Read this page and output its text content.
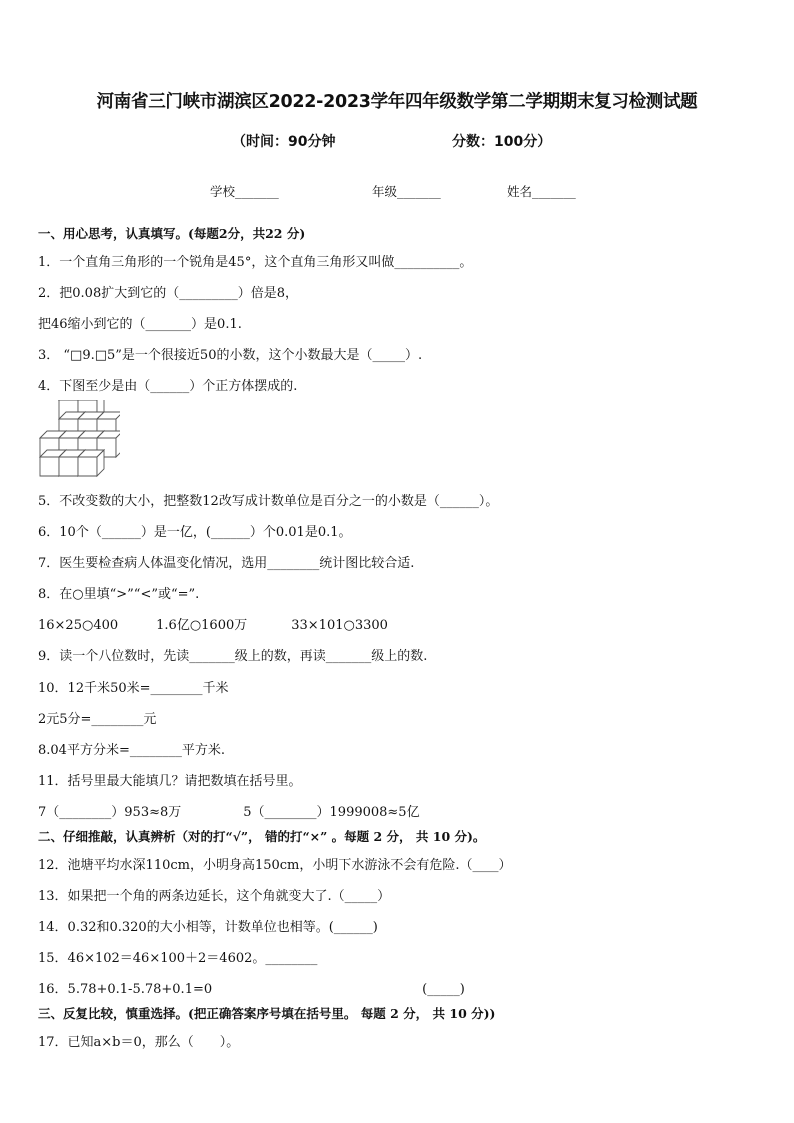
河南省三门峡市湖滨区2022-2023学年四年级数学第二学期期末复习检测试题
（时间：90分钟	分数：100分）
学校_______	年级_______	姓名_______
一、用心思考，认真填写。(每题2分，共22 分)
1．一个直角三角形的一个锐角是45°，这个直角三角形又叫做__________。
2．把0.08扩大到它的（_________）倍是8，
把46缩小到它的（_______）是0.1.
3． “□9.□5”是一个很接近50的小数，这个小数最大是（_____）.
4．下图至少是由（______）个正方体摆成的.
5．不改变数的大小，把整数12改写成计数单位是百分之一的小数是（______）。
6．10个（______）是一亿，(______）个0.01是0.1。
7．医生要检查病人体温变化情况，选用________统计图比较合适.
8．在○里填“>”“<”或“=”.
16×25○400	1.6亿○1600万	33×101○3300
9．读一个八位数时，先读_______级上的数，再读_______级上的数.
10．12千米50米=________千米
2元5分=________元
8.04平方分米=________平方米.
11．括号里最大能填几？请把数填在括号里。
7（________）953≈8万	5（________）1999008≈5亿
二、仔细推敲，认真辨析（对的打“√”， 错的打“×” 。每题 2 分， 共 10 分)。
12．池塘平均水深110cm，小明身高150cm，小明下水游泳不会有危险.（____）
13．如果把一个角的两条边延长，这个角就变大了.（_____）
14．0.32和0.320的大小相等，计数单位也相等。(______)
15．46×102＝46×100＋2＝4602。________
16．5.78+0.1-5.78+0.1=0	(_____)
三、反复比较，慎重选择。(把正确答案序号填在括号里。 每题 2 分， 共 10 分))
17．已知a×b＝0，那么（　　）。
